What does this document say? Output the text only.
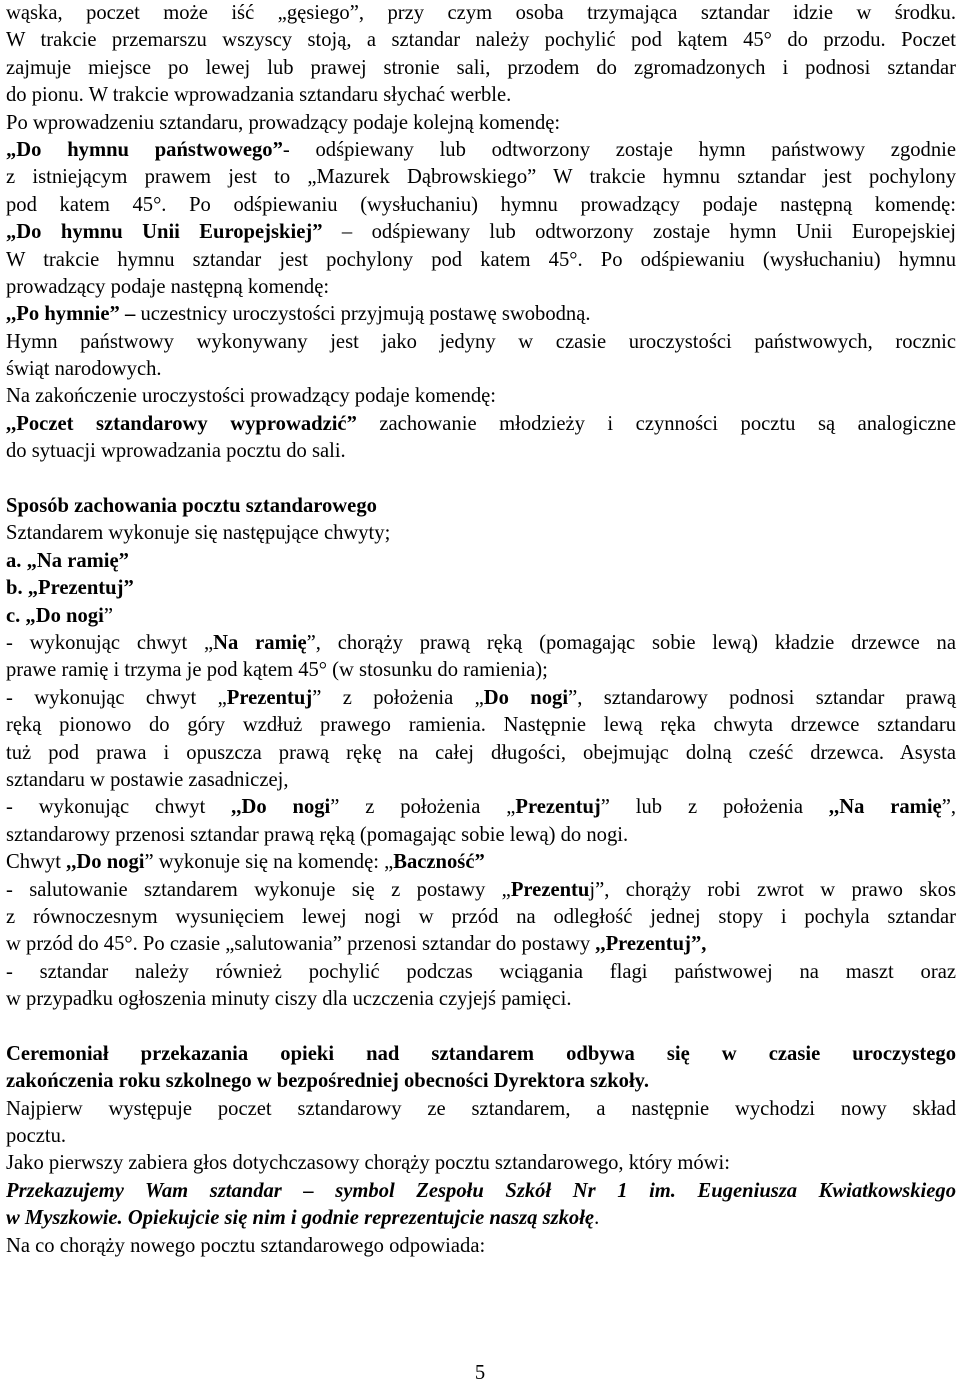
wąska, poczet może iść „gęsiego”, przy czym osoba trzymająca sztandar idzie w środku.
W trakcie przemarszu wszyscy stoją, a sztandar należy pochylić pod kątem 45° do przodu. Poczet
zajmuje miejsce po lewej lub prawej stronie sali, przodem do zgromadzonych i podnosi sztandar
do pionu. W trakcie wprowadzania sztandaru słychać werble.
Po wprowadzeniu sztandaru, prowadzący podaje kolejną komendę:
„Do hymnu państwowego”- odśpiewany lub odtworzony zostaje hymn państwowy zgodnie
z istniejącym prawem jest to „Mazurek Dąbrowskiego” W trakcie hymnu sztandar jest pochylony
pod katem 45°. Po odśpiewaniu (wysłuchaniu) hymnu prowadzący podaje następną komendę:
„Do hymnu Unii Europejskiej” – odśpiewany lub odtworzony zostaje hymn Unii Europejskiej
W trakcie hymnu sztandar jest pochylony pod katem 45°. Po odśpiewaniu (wysłuchaniu) hymnu
prowadzący podaje następną komendę:
,,Po hymnie” – uczestnicy uroczystości przyjmują postawę swobodną.
Hymn państwowy wykonywany jest jako jedyny w czasie uroczystości państwowych, rocznic
świąt narodowych.
Na zakończenie uroczystości prowadzący podaje komendę:
,,Poczet sztandarowy wyprowadzić” zachowanie młodzieży i czynności pocztu są analogiczne
do sytuacji wprowadzania pocztu do sali.
Sposób zachowania pocztu sztandarowego
Sztandarem wykonuje się następujące chwyty;
a. „Na ramię”
b. „Prezentuj”
c. „Do nogi”
- wykonując chwyt „Na ramię”, chorąży prawą ręką (pomagając sobie lewą) kładzie drzewce na
prawe ramię i trzyma je pod kątem 45° (w stosunku do ramienia);
- wykonując chwyt „Prezentuj” z położenia „Do nogi”, sztandarowy podnosi sztandar prawą
ręką pionowo do góry wzdłuż prawego ramienia. Następnie lewą ręka chwyta drzewce sztandaru
tuż pod prawa i opuszcza prawą rękę na całej długości, obejmując dolną cześć drzewca. Asysta
sztandaru w postawie zasadniczej,
- wykonując chwyt ,,Do nogi” z położenia „Prezentuj” lub z położenia ,,Na ramię”,
sztandarowy przenosi sztandar prawą ręką (pomagając sobie lewą) do nogi.
Chwyt ,,Do nogi” wykonuje się na komendę: „Baczność”
- salutowanie sztandarem wykonuje się z postawy „Prezentuj”, chorąży robi zwrot w prawo skos
z równoczesnym wysunięciem lewej nogi w przód na odległość jednej stopy i pochyla sztandar
w przód do 45°. Po czasie „salutowania” przenosi sztandar do postawy ,,Prezentuj”,
- sztandar należy również pochylić podczas wciągania flagi państwowej na maszt oraz
w przypadku ogłoszenia minuty ciszy dla uczczenia czyjejś pamięci.
Ceremoniał przekazania opieki nad sztandarem odbywa się w czasie uroczystego
zakończenia roku szkolnego w bezpośredniej obecności Dyrektora szkoły.
Najpierw występuje poczet sztandarowy ze sztandarem, a następnie wychodzi nowy skład
pocztu.
Jako pierwszy zabiera głos dotychczasowy chorąży pocztu sztandarowego, który mówi:
Przekazujemy Wam sztandar – symbol Zespołu Szkół Nr 1 im. Eugeniusza Kwiatkowskiego
w Myszkowie. Opiekujcie się nim i godnie reprezentujcie naszą szkołę.
Na co chorąży nowego pocztu sztandarowego odpowiada:
5
